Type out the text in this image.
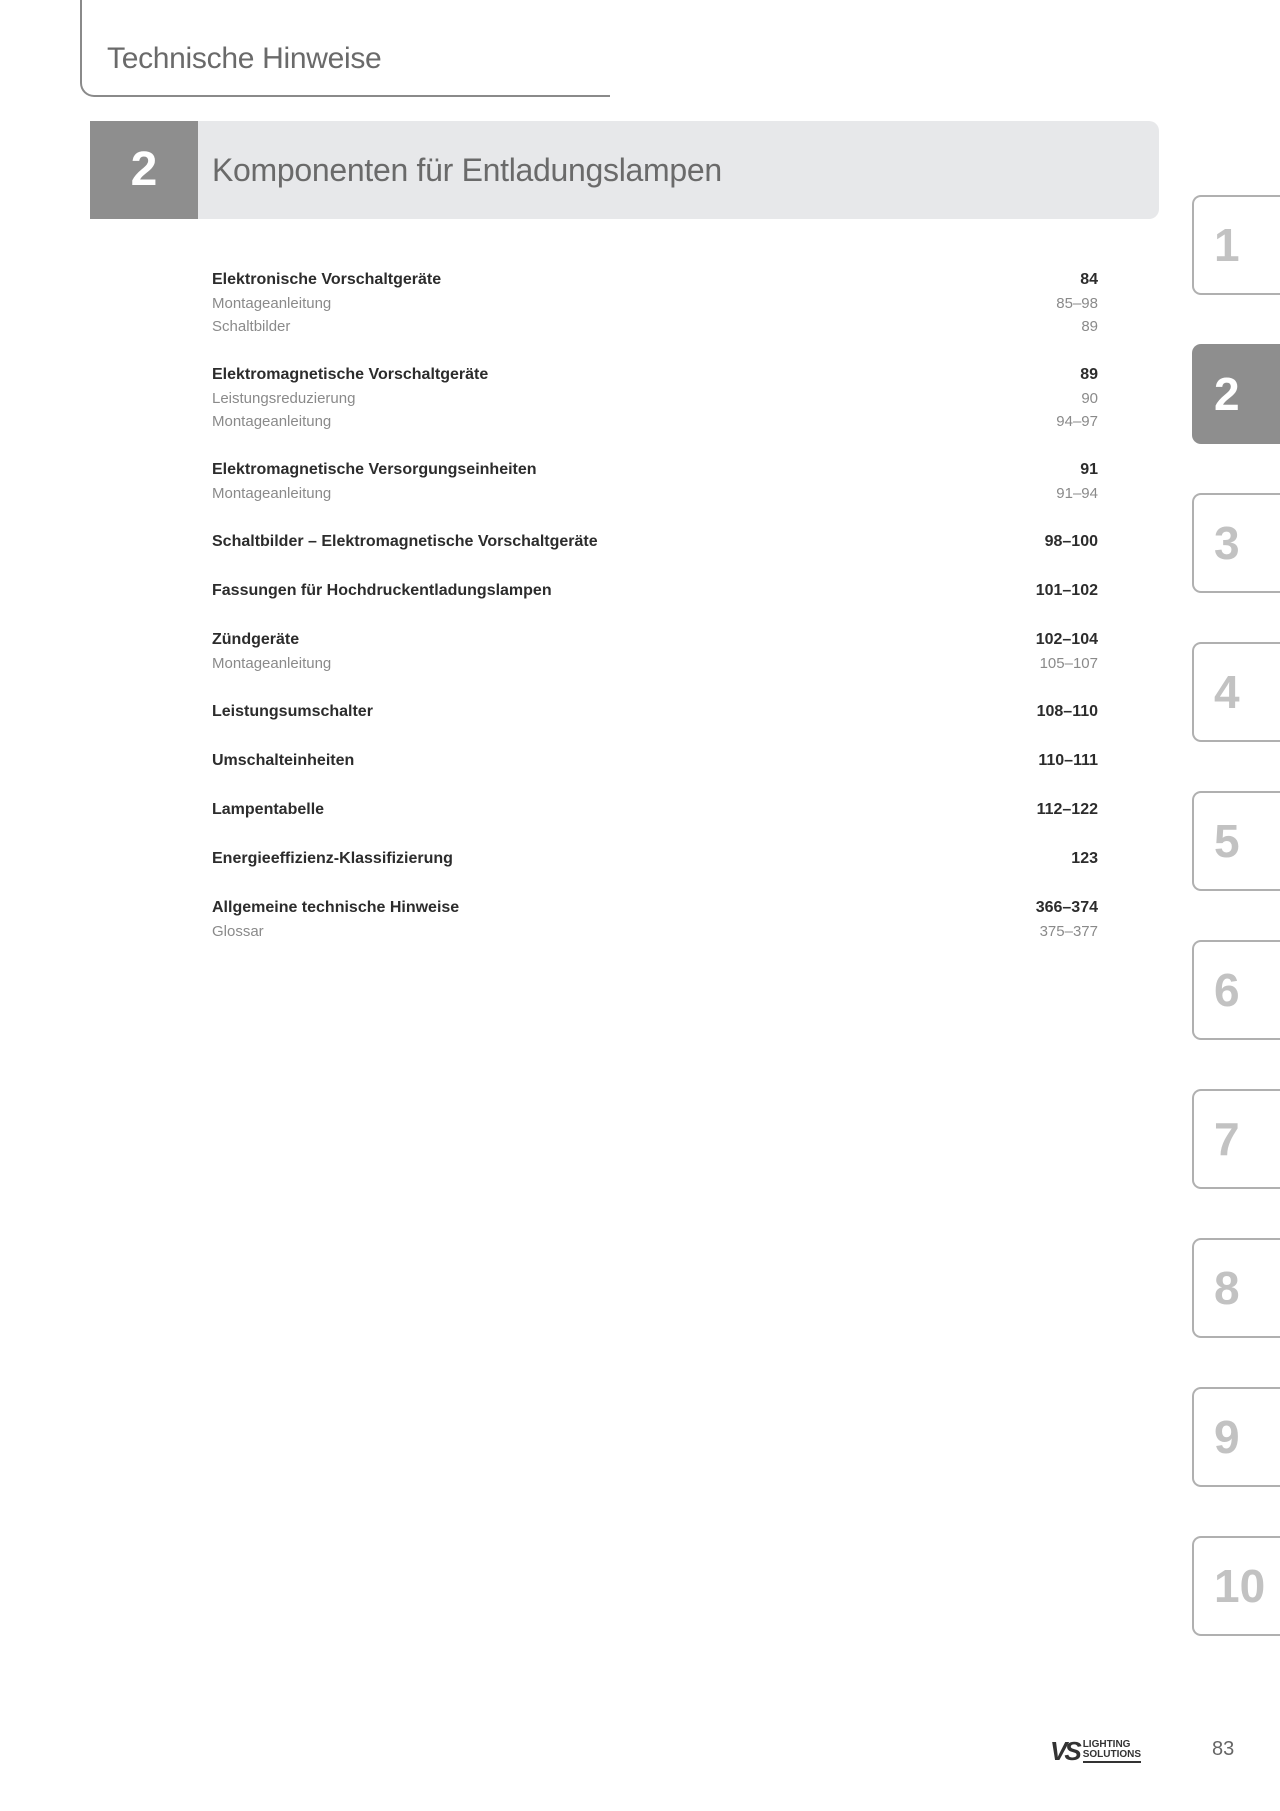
Technische Hinweise
2	Komponenten für Entladungslampen
Elektronische Vorschaltgeräte	84
Montageanleitung	85–98
Schaltbilder	89
Elektromagnetische Vorschaltgeräte	89
Leistungsreduzierung	90
Montageanleitung	94–97
Elektromagnetische Versorgungseinheiten	91
Montageanleitung	91–94
Schaltbilder – Elektromagnetische Vorschaltgeräte	98–100
Fassungen für Hochdruckentladungslampen	101–102
Zündgeräte	102–104
Montageanleitung	105–107
Leistungsumschalter	108–110
Umschalteinheiten	110–111
Lampentabelle	112–122
Energieeffizienz-Klassifizierung	123
Allgemeine technische Hinweise	366–374
Glossar	375–377
1
2
3
4
5
6
7
8
9
10
VS LIGHTING
SOLUTIONS	83
